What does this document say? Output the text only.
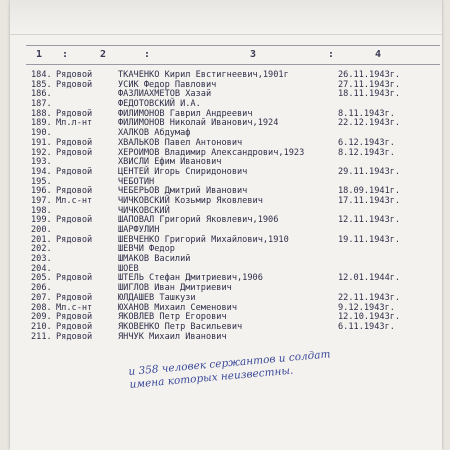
1 :	2	:	3	:	4
184. Рядовой	ТКАЧЕНКО Кирил Евстигнеевич,1901г	26.11.1943г.
185. Рядовой	УСИК Федор Павлович	27.11.1943г.
186.	ФАЗЛИАХМЕТОВ Хазай	18.11.1943г.
187.	ФЕДОТОВСКИЙ И.А.
188. Рядовой	ФИЛИМОНОВ Гаврил Андреевич	8.11.1943г.
189. Мл.л-нт	ФИЛИМОНОВ Николай Иванович,1924	22.12.1943г.
190.	ХАЛКОВ Абдумаф
191. Рядовой	ХВАЛЬКОВ Павел Антонович	6.12.1943г.
192. Рядовой	ХЕРОИМОВ Владимир Александрович,1923	8.12.1943г.
193.	ХВИСЛИ Ефим Иванович
194. Рядовой	ЦЕНТЕЙ Игорь Спиридонович	29.11.1943г.
195.	ЧЕБОТИН
196. Рядовой	ЧЕБЕРЬОВ Дмитрий Иванович	18.09.1941г.
197. Мл.с-нт	ЧИЧКОВСКИЙ Козьмир Яковлевич	17.11.1943г.
198.	ЧИЧКОВСКИЙ
199. Рядовой	ШАПОВАЛ Григорий Яковлевич,1906	12.11.1943г.
200.	ШАРФУЛИН
201. Рядовой	ШЕВЧЕНКО Григорий Михайлович,1910	19.11.1943г.
202.	ШЕВЧИ Федор
203.	ШМАКОВ Василий
204.	ШОЕВ
205. Рядовой	ШТЕЛЬ Стефан Дмитриевич,1906	12.01.1944г.
206.	ШИГЛОВ Иван Дмитриевич
207. Рядовой	ЮЛДАШЕВ Ташкузи	22.11.1943г.
208. Мл.с-нт	ЮХАНОВ Михаил Семенович	9.12.1943г.
209. Рядовой	ЯКОВЛЕВ Петр Егорович	12.10.1943г.
210. Рядовой	ЯКОВЕНКО Петр Васильевич	6.11.1943г.
211. Рядовой	ЯНЧУК Михаил Иванович
и 358 человек сержантов и солдат имена которых неизвестны.
